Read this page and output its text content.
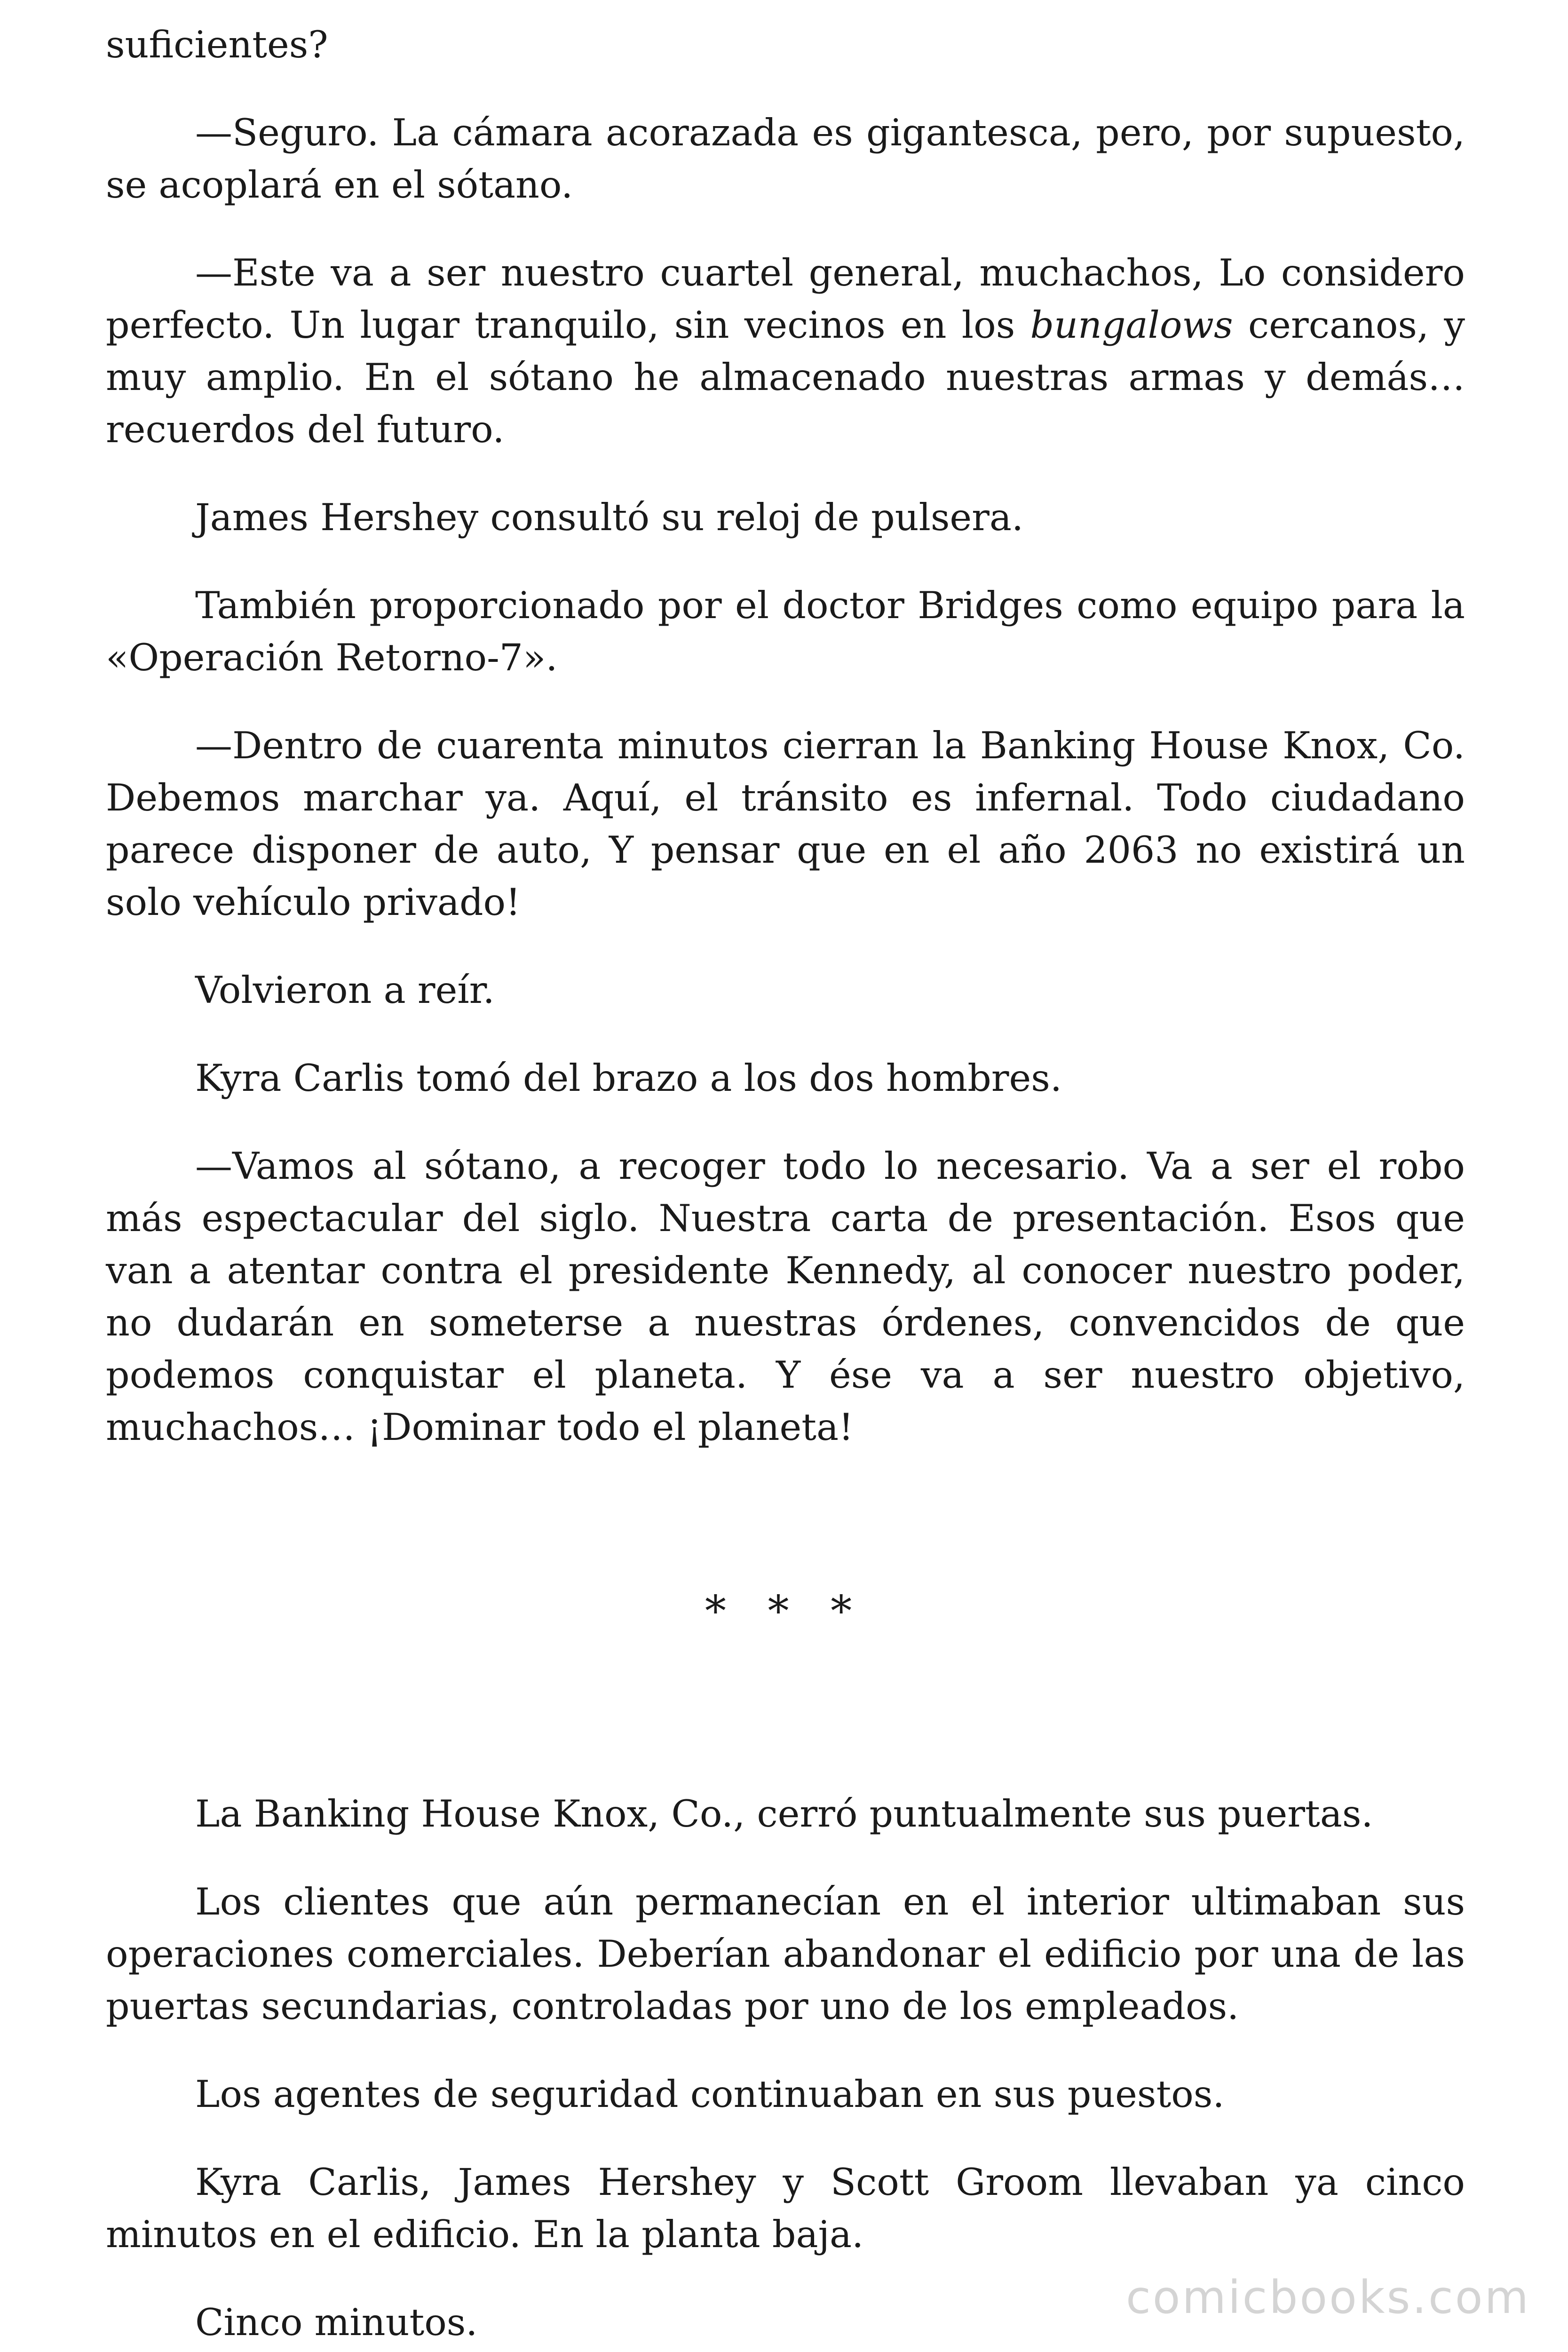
suficientes?

—Seguro. La cámara acorazada es gigantesca, pero, por supuesto, se acoplará en el sótano.

—Este va a ser nuestro cuartel general, muchachos, Lo considero perfecto. Un lugar tranquilo, sin vecinos en los bungalows cercanos, y muy amplio. En el sótano he almacenado nuestras armas y demás… recuerdos del futuro.

James Hershey consultó su reloj de pulsera.

También proporcionado por el doctor Bridges como equipo para la «Operación Retorno-7».

—Dentro de cuarenta minutos cierran la Banking House Knox, Co. Debemos marchar ya. Aquí, el tránsito es infernal. Todo ciudadano parece disponer de auto, Y pensar que en el año 2063 no existirá un solo vehículo privado!

Volvieron a reír.

Kyra Carlis tomó del brazo a los dos hombres.

—Vamos al sótano, a recoger todo lo necesario. Va a ser el robo más espectacular del siglo. Nuestra carta de presentación. Esos que van a atentar contra el presidente Kennedy, al conocer nuestro poder, no dudarán en someterse a nuestras órdenes, convencidos de que podemos conquistar el planeta. Y ése va a ser nuestro objetivo, muchachos… ¡Dominar todo el planeta!

* * *

La Banking House Knox, Co., cerró puntualmente sus puertas.

Los clientes que aún permanecían en el interior ultimaban sus operaciones comerciales. Deberían abandonar el edificio por una de las puertas secundarias, controladas por uno de los empleados.

Los agentes de seguridad continuaban en sus puestos.

Kyra Carlis, James Hershey y Scott Groom llevaban ya cinco minutos en el edificio. En la planta baja.

Cinco minutos.	comicbooks.com
